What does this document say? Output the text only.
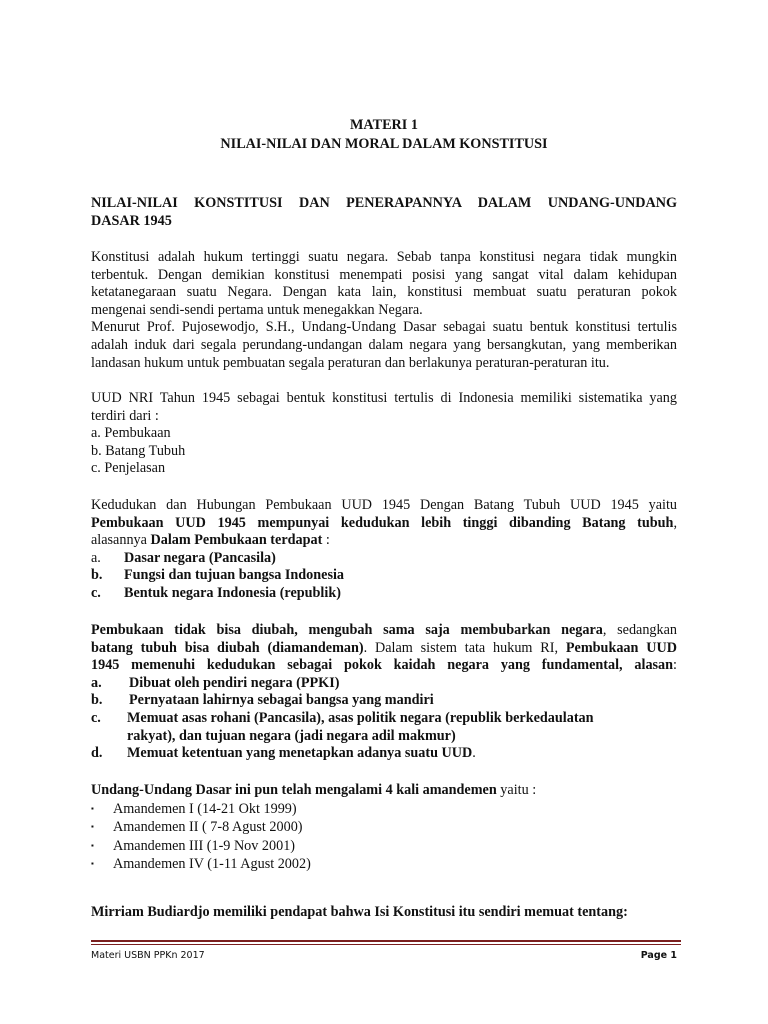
MATERI 1
NILAI-NILAI DAN MORAL DALAM KONSTITUSI
NILAI-NILAI KONSTITUSI DAN PENERAPANNYA DALAM UNDANG-UNDANG
DASAR 1945
Konstitusi adalah hukum tertinggi suatu negara. Sebab tanpa konstitusi negara tidak mungkin
terbentuk. Dengan demikian konstitusi menempati posisi yang sangat vital dalam kehidupan
ketatanegaraan suatu Negara. Dengan kata lain, konstitusi membuat suatu peraturan pokok
mengenai sendi-sendi pertama untuk menegakkan Negara.
Menurut Prof. Pujosewodjo, S.H., Undang-Undang Dasar sebagai suatu bentuk konstitusi tertulis
adalah induk dari segala perundang-undangan dalam negara yang bersangkutan, yang memberikan
landasan hukum untuk pembuatan segala peraturan dan berlakunya peraturan-peraturan itu.
UUD NRI Tahun 1945 sebagai bentuk konstitusi tertulis di Indonesia memiliki sistematika yang
terdiri dari :
a. Pembukaan
b. Batang Tubuh
c. Penjelasan
Kedudukan dan Hubungan Pembukaan UUD 1945 Dengan Batang Tubuh UUD 1945 yaitu
Pembukaan UUD 1945 mempunyai kedudukan lebih tinggi dibanding Batang tubuh,
alasannya Dalam Pembukaan terdapat :
a. Dasar negara (Pancasila)
b. Fungsi dan tujuan bangsa Indonesia
c. Bentuk negara Indonesia (republik)
Pembukaan tidak bisa diubah, mengubah sama saja membubarkan negara, sedangkan
batang tubuh bisa diubah (diamandeman). Dalam sistem tata hukum RI, Pembukaan UUD
1945 memenuhi kedudukan sebagai pokok kaidah negara yang fundamental, alasan:
a. Dibuat oleh pendiri negara (PPKI)
b. Pernyataan lahirnya sebagai bangsa yang mandiri
c. Memuat asas rohani (Pancasila), asas politik negara (republik berkedaulatan
rakyat), dan tujuan negara (jadi negara adil makmur)
d. Memuat ketentuan yang menetapkan adanya suatu UUD.
Undang-Undang Dasar ini pun telah mengalami 4 kali amandemen yaitu :
▪ Amandemen I (14-21 Okt 1999)
▪ Amandemen II ( 7-8 Agust 2000)
▪ Amandemen III (1-9 Nov 2001)
▪ Amandemen IV (1-11 Agust 2002)
Mirriam Budiardjo memiliki pendapat bahwa Isi Konstitusi itu sendiri memuat tentang:
Materi USBN PPKn 2017	Page 1
